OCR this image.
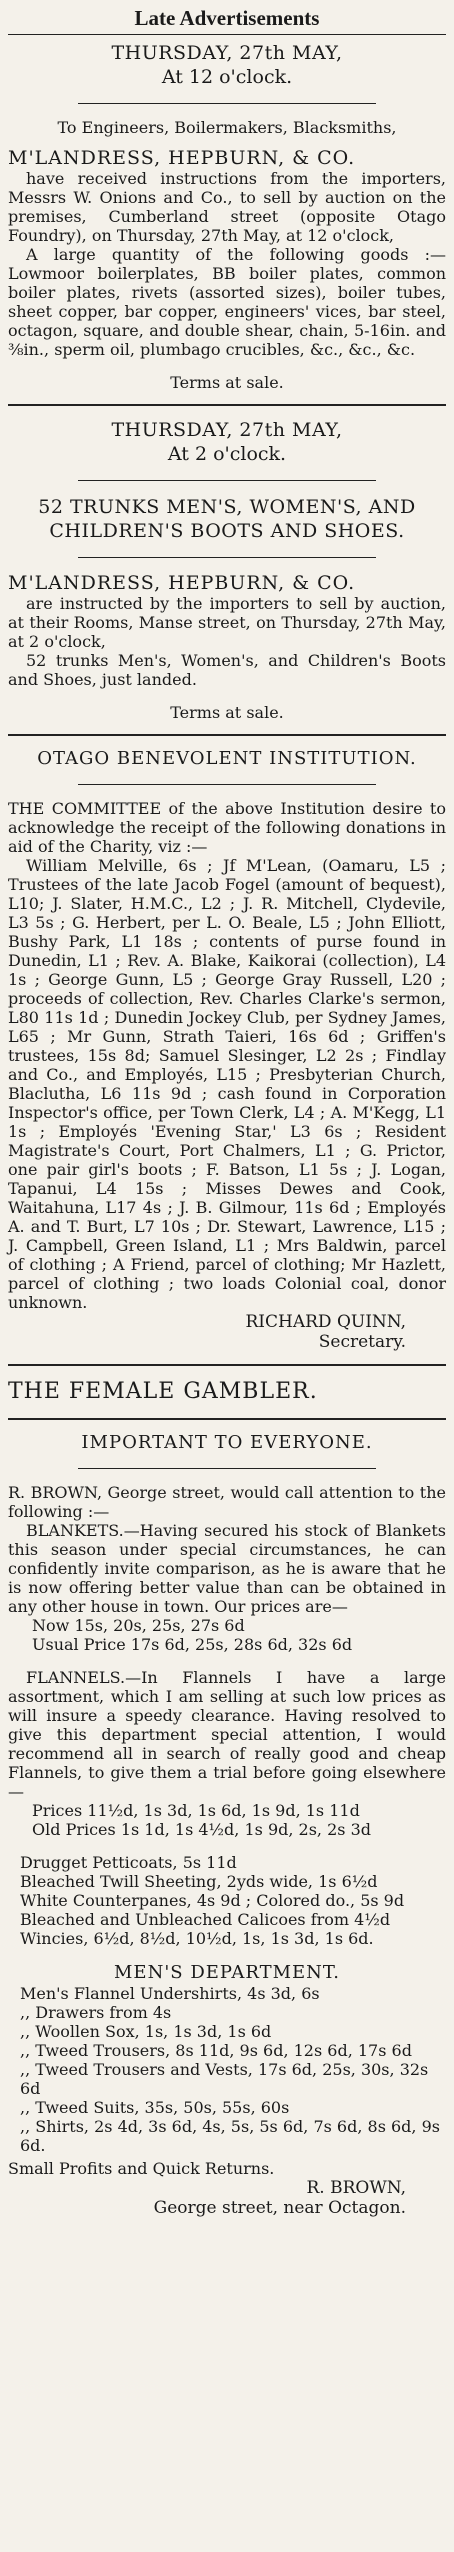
Late Advertisements
THURSDAY, 27th MAY,
At 12 o'clock.

To Engineers, Boilermakers, Blacksmiths,

M'LANDRESS, HEPBURN, & CO.

have received instructions from the importers, Messrs W. Onions and Co., to sell by auction on the premises, Cumberland street (opposite Otago Foundry), on Thursday, 27th May, at 12 o'clock,

A large quantity of the following goods :— Lowmoor boilerplates, BB boiler plates, common boiler plates, rivets (assorted sizes), boiler tubes, sheet copper, bar copper, engineers' vices, bar steel, octagon, square, and double shear, chain, 5-16in. and ⅜in., sperm oil, plumbago crucibles, &c., &c., &c.

Terms at sale.
THURSDAY, 27th MAY,
At 2 o'clock.

52 TRUNKS MEN'S, WOMEN'S, AND CHILDREN'S BOOTS AND SHOES.

M'LANDRESS, HEPBURN, & CO.

are instructed by the importers to sell by auction, at their Rooms, Manse street, on Thursday, 27th May, at 2 o'clock,

52 trunks Men's, Women's, and Children's Boots and Shoes, just landed.

Terms at sale.
OTAGO BENEVOLENT INSTITUTION.

THE COMMITTEE of the above Institution desire to acknowledge the receipt of the following donations in aid of the Charity, viz :—

William Melville, 6s ; Jf M'Lean, (Oamaru, L5 ; Trustees of the late Jacob Fogel (amount of bequest), L10; J. Slater, H.M.C., L2 ; J. R. Mitchell, Clydevile, L3 5s ; G. Herbert, per L. O. Beale, L5 ; John Elliott, Bushy Park, L1 18s ; contents of purse found in Dunedin, L1 ; Rev. A. Blake, Kaikorai (collection), L4 1s ; George Gunn, L5 ; George Gray Russell, L20 ; proceeds of collection, Rev. Charles Clarke's sermon, L80 11s 1d ; Dunedin Jockey Club, per Sydney James, L65 ; Mr Gunn, Strath Taieri, 16s 6d ; Griffen's trustees, 15s 8d; Samuel Slesinger, L2 2s ; Findlay and Co., and Employés, L15 ; Presbyterian Church, Blaclutha, L6 11s 9d ; cash found in Corporation Inspector's office, per Town Clerk, L4 ; A. M'Kegg, L1 1s ; Employés 'Evening Star,' L3 6s ; Resident Magistrate's Court, Port Chalmers, L1 ; G. Prictor, one pair girl's boots ; F. Batson, L1 5s ; J. Logan, Tapanui, L4 15s ; Misses Dewes and Cook, Waitahuna, L17 4s ; J. B. Gilmour, 11s 6d ; Employés A. and T. Burt, L7 10s ; Dr. Stewart, Lawrence, L15 ; J. Campbell, Green Island, L1 ; Mrs Baldwin, parcel of clothing ; A Friend, parcel of clothing; Mr Hazlett, parcel of clothing ; two loads Colonial coal, donor unknown.

RICHARD QUINN,
Secretary.
THE FEMALE GAMBLER.
IMPORTANT TO EVERYONE.

R. BROWN, George street, would call attention to the following :—

BLANKETS.—Having secured his stock of Blankets this season under special circumstances, he can confidently invite comparison, as he is aware that he is now offering better value than can be obtained in any other house in town. Our prices are—

Now 15s, 20s, 25s, 27s 6d
Usual Price 17s 6d, 25s, 28s 6d, 32s 6d

FLANNELS.—In Flannels I have a large assortment, which I am selling at such low prices as will insure a speedy clearance. Having resolved to give this department special attention, I would recommend all in search of really good and cheap Flannels, to give them a trial before going elsewhere—

Prices 11½d, 1s 3d, 1s 6d, 1s 9d, 1s 11d
Old Prices 1s 1d, 1s 4½d, 1s 9d, 2s, 2s 3d
Drugget Petticoats, 5s 11d
Bleached Twill Sheeting, 2yds wide, 1s 6½d
White Counterpanes, 4s 9d ; Colored do., 5s 9d
Bleached and Unbleached Calicoes from 4½d
Wincies, 6½d, 8½d, 10½d, 1s, 1s 3d, 1s 6d.
MEN'S DEPARTMENT.
Men's Flannel Undershirts, 4s 3d, 6s
,, Drawers from 4s
,, Woollen Sox, 1s, 1s 3d, 1s 6d
,, Tweed Trousers, 8s 11d, 9s 6d, 12s 6d, 17s 6d
,, Tweed Trousers and Vests, 17s 6d, 25s, 30s, 32s 6d
,, Tweed Suits, 35s, 50s, 55s, 60s
,, Shirts, 2s 4d, 3s 6d, 4s, 5s, 5s 6d, 7s 6d, 8s 6d, 9s 6d.
Small Profits and Quick Returns.
R. BROWN,
George street, near Octagon.
